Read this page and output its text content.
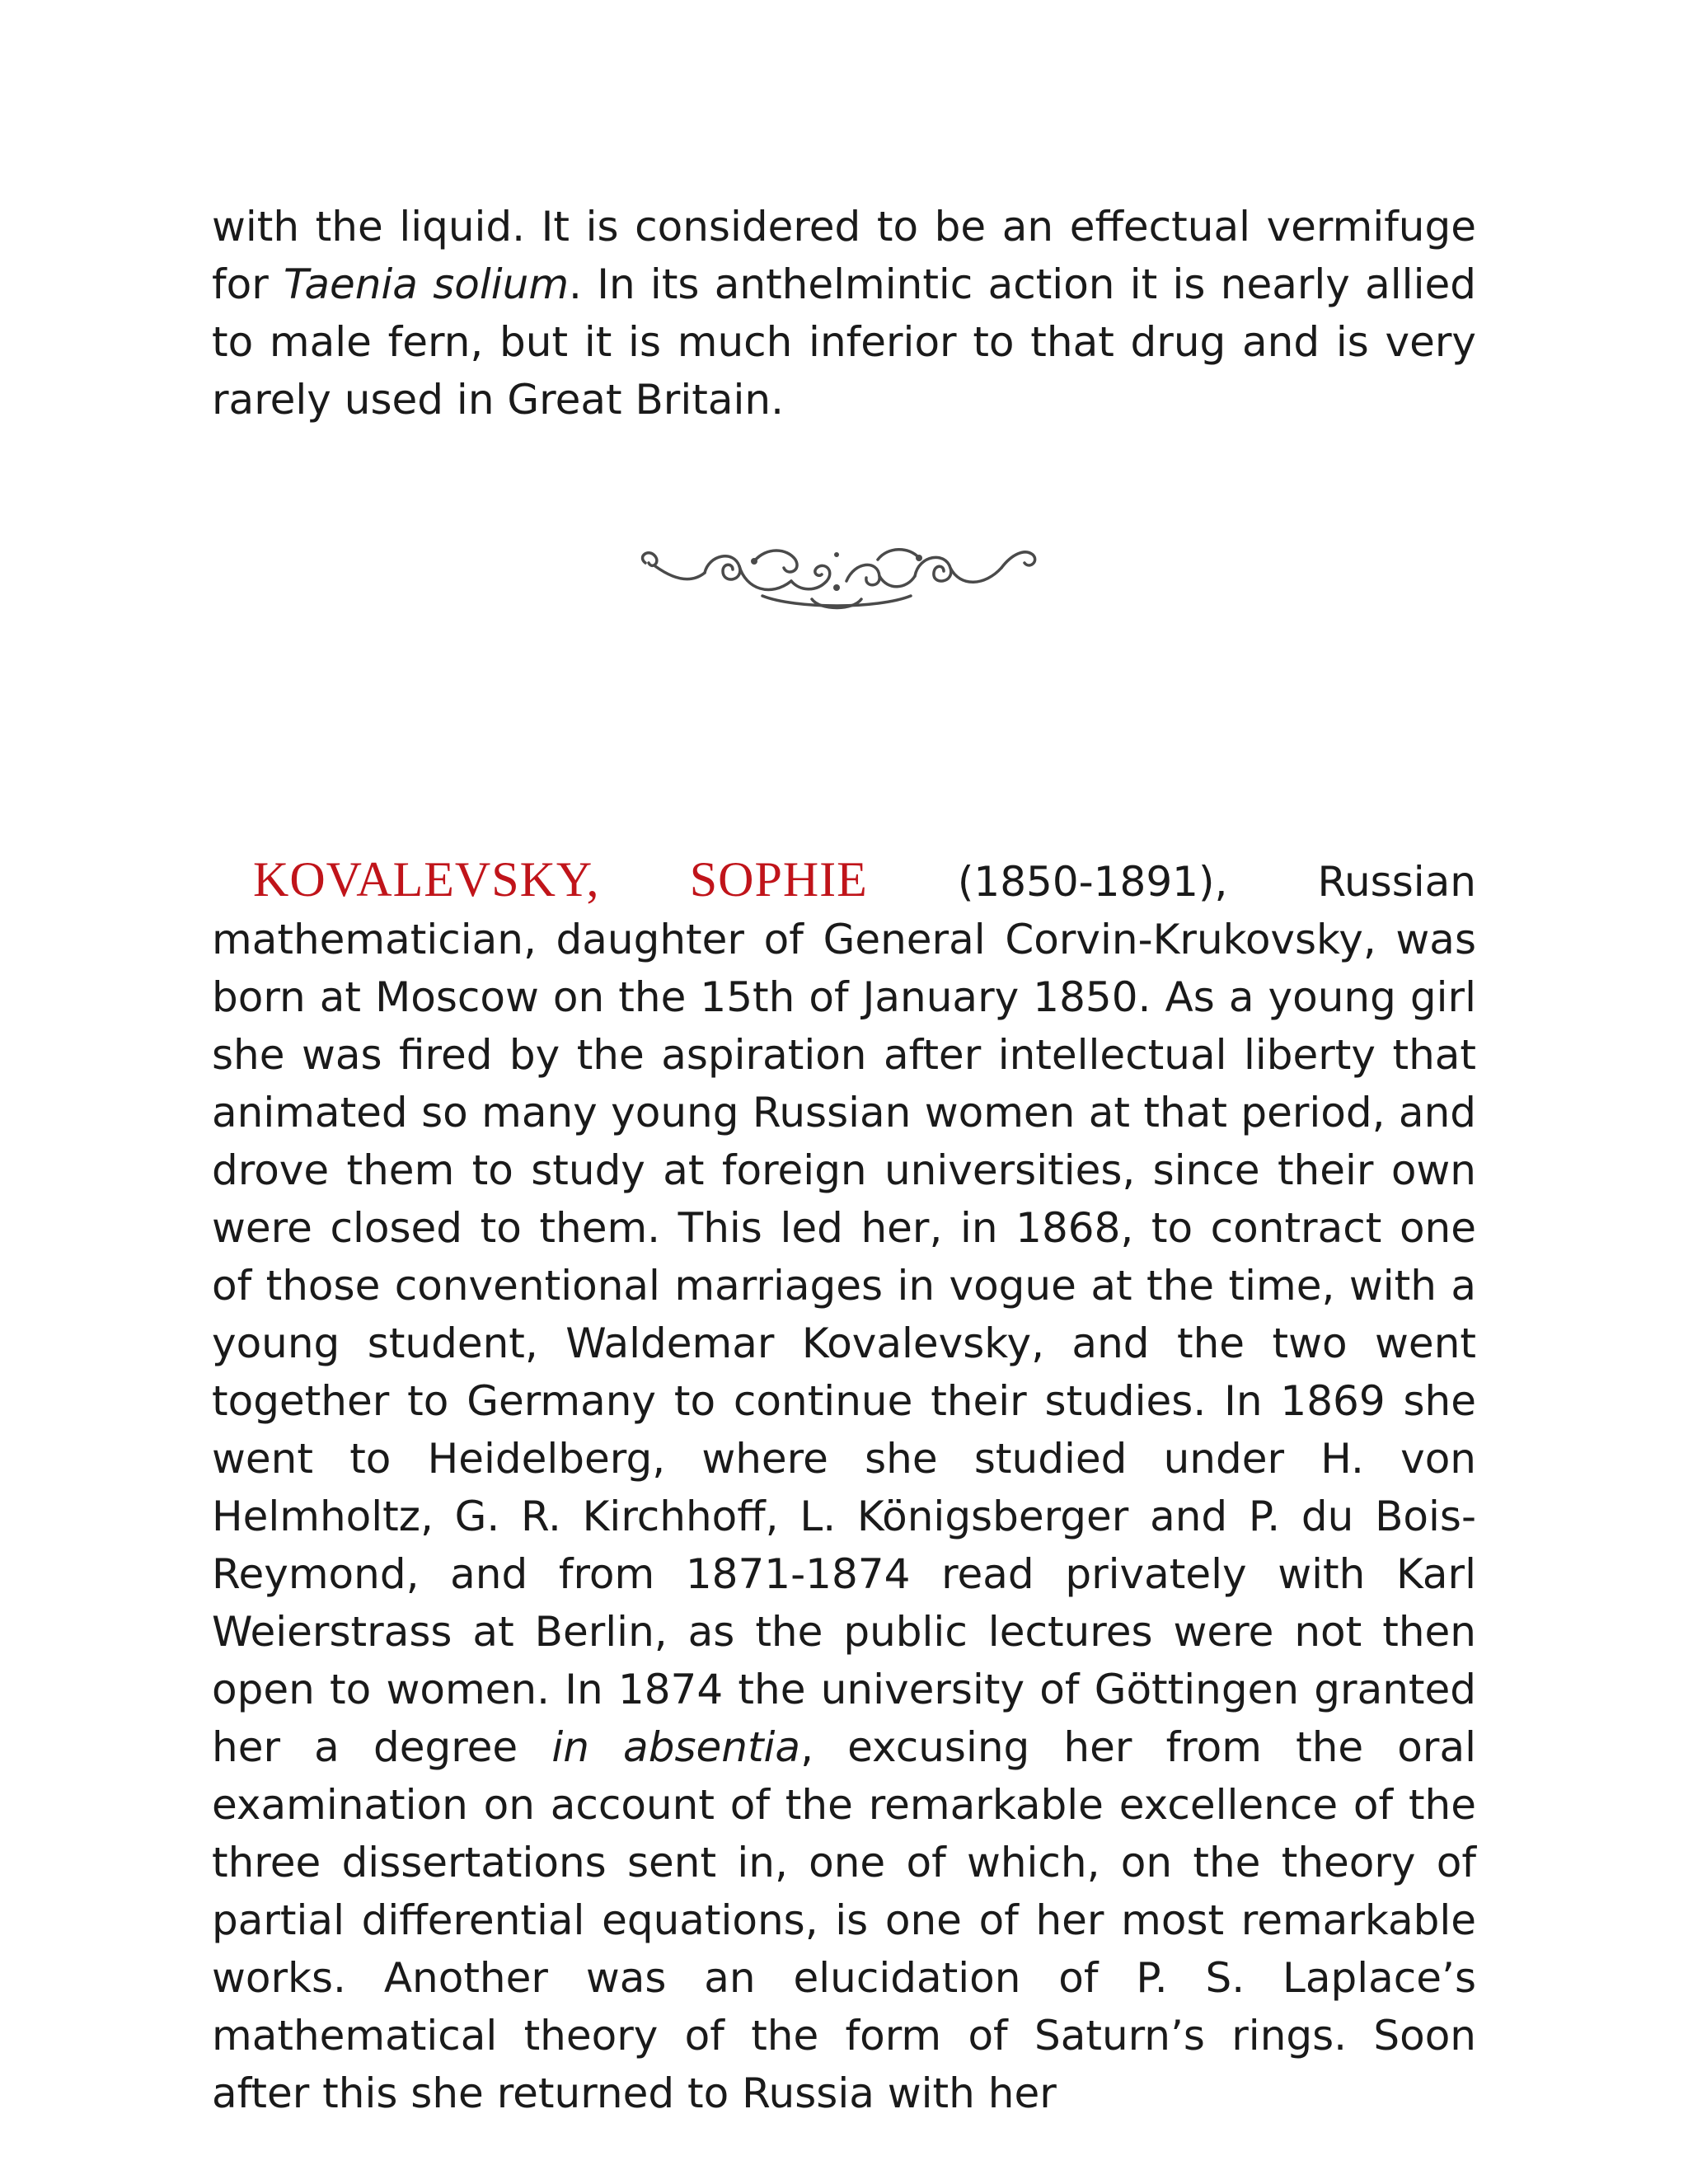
with the liquid. It is considered to be an effectual vermifuge for Taenia solium. In its anthelmintic action it is nearly allied to male fern, but it is much inferior to that drug and is very rarely used in Great Britain.

KOVALEVSKY, SOPHIE (1850-1891), Russian mathematician, daughter of General Corvin-Krukovsky, was born at Moscow on the 15th of January 1850. As a young girl she was fired by the aspiration after intellectual liberty that animated so many young Russian women at that period, and drove them to study at foreign universities, since their own were closed to them. This led her, in 1868, to contract one of those conventional marriages in vogue at the time, with a young student, Waldemar Kovalevsky, and the two went together to Germany to continue their studies. In 1869 she went to Heidelberg, where she studied under H. von Helmholtz, G. R. Kirchhoff, L. Königsberger and P. du Bois-Reymond, and from 1871-1874 read privately with Karl Weierstrass at Berlin, as the public lectures were not then open to women. In 1874 the university of Göttingen granted her a degree in absentia, excusing her from the oral examination on account of the remarkable excellence of the three dissertations sent in, one of which, on the theory of partial differential equations, is one of her most remarkable works. Another was an elucidation of P. S. Laplace’s mathematical theory of the form of Saturn’s rings. Soon after this she returned to Russia with her
